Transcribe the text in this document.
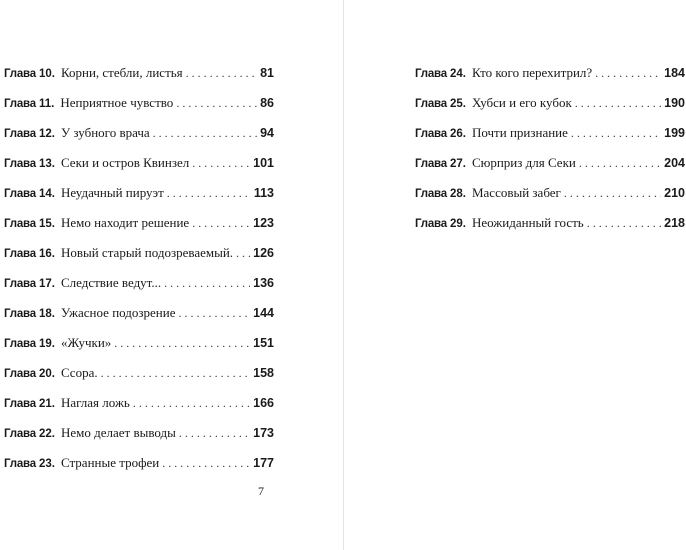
Глава 10. Корни, стебли, листья . . .	81
Глава 11. Неприятное чувство . . .	86
Глава 12. У зубного врача . . .	94
Глава 13. Секи и остров Квинзел . . .	101
Глава 14. Неудачный пируэт . . .	113
Глава 15. Немо находит решение . . .	123
Глава 16. Новый старый подозреваемый. . . . 126
Глава 17. Следствие ведут... . . .	136
Глава 18. Ужасное подозрение . . .	144
Глава 19. «Жучки» . . .	151
Глава 20. Ссора. . . .	158
Глава 21. Наглая ложь . . .	166
Глава 22. Немо делает выводы . . .	173
Глава 23. Странные трофеи . . .	177
7
Глава 24. Кто кого перехитрил? . . .	184
Глава 25. Хубси и его кубок . . .	190
Глава 26. Почти признание . . .	199
Глава 27. Сюрприз для Секи . . .	204
Глава 28. Массовый забег . . .	210
Глава 29. Неожиданный гость . . .	218
